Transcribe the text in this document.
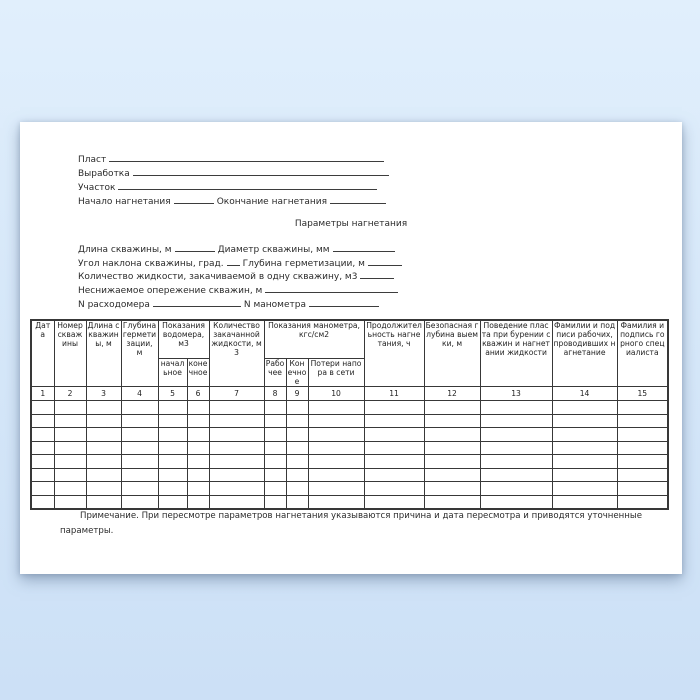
Пласт
Выработка
Участок
Начало нагнетания	Окончание нагнетания
Параметры нагнетания
Длина скважины, м	Диаметр скважины, мм
Угол наклона скважины, град. Глубина герметизации, м
Количество жидкости, закачиваемой в одну скважину, м3
Неснижаемое опережение скважин, м
N расходомера	N манометра
Дата	Номер скважины	Длина скважины, м	Глубина герметизации, м	Показания водомера, м3		Количество закачанной жидкости, м3	Показания манометра, кгс/см2			Продолжительность нагнетания, ч	Безопасная глубина выемки, м	Поведение пласта при бурении скважин и нагнетании жидкости	Фамилии и подписи рабочих, проводивших нагнетание	Фамилия и подпись горного специалиста
				начальное	конечное		Рабочее	Конечное	Потери напора в сети					
1	2	3	4	5	6	7	8	9	10	11	12	13	14	15

Примечание. При пересмотре параметров нагнетания указываются причина и дата пересмотра и приводятся уточненные параметры.
